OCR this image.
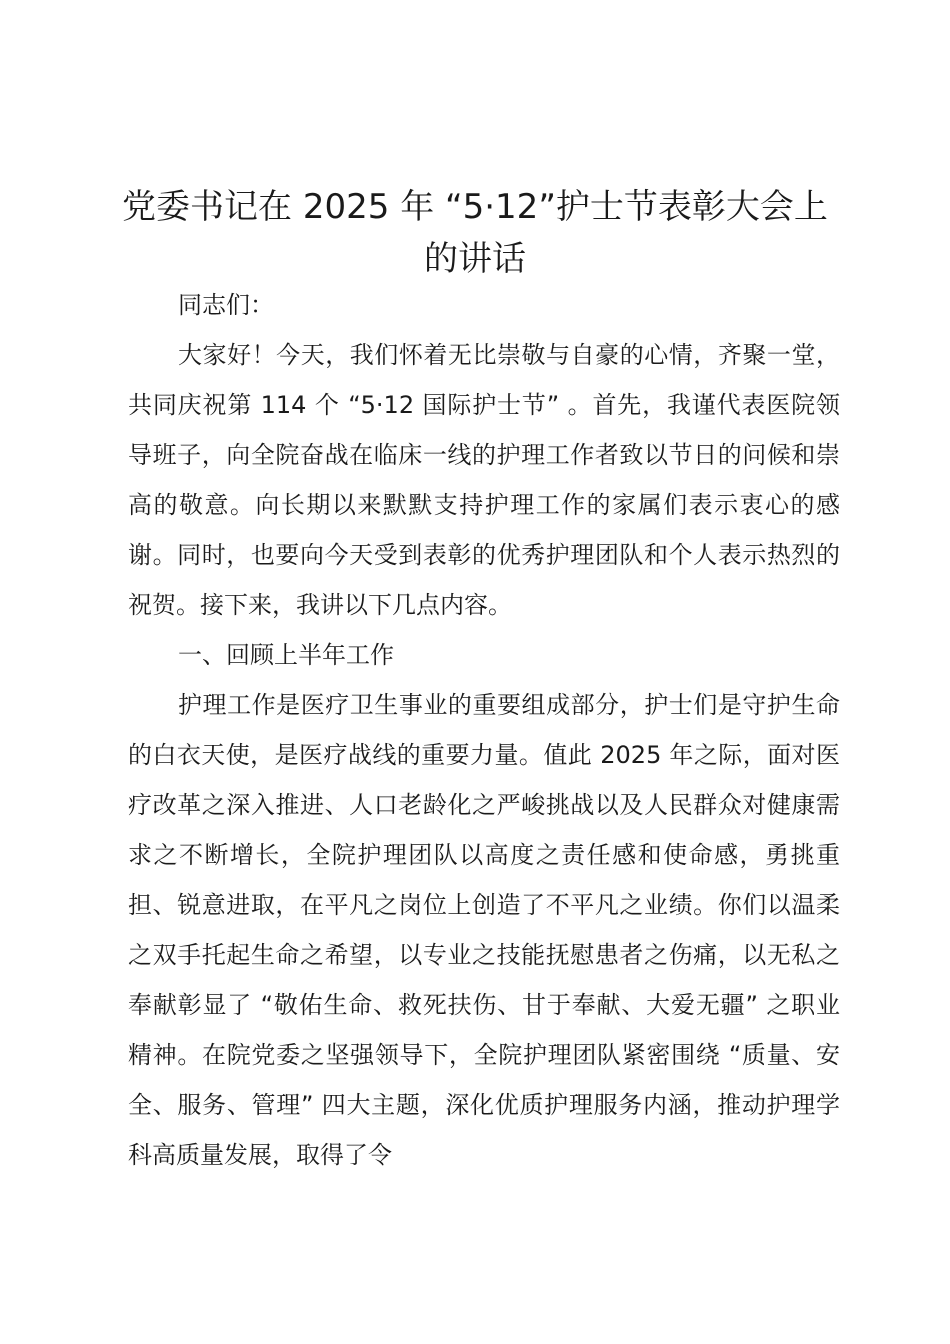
党委书记在 2025 年 “5·12”护士节表彰大会上的讲话

同志们：

大家好！今天，我们怀着无比崇敬与自豪的心情，齐聚一堂，共同庆祝第 114 个 “5·12 国际护士节” 。首先，我谨代表医院领导班子，向全院奋战在临床一线的护理工作者致以节日的问候和崇高的敬意。向长期以来默默支持护理工作的家属们表示衷心的感谢。同时，也要向今天受到表彰的优秀护理团队和个人表示热烈的祝贺。接下来，我讲以下几点内容。

一、回顾上半年工作

护理工作是医疗卫生事业的重要组成部分，护士们是守护生命的白衣天使，是医疗战线的重要力量。值此 2025 年之际，面对医疗改革之深入推进、人口老龄化之严峻挑战以及人民群众对健康需求之不断增长，全院护理团队以高度之责任感和使命感，勇挑重担、锐意进取，在平凡之岗位上创造了不平凡之业绩。你们以温柔之双手托起生命之希望，以专业之技能抚慰患者之伤痛，以无私之奉献彰显了 “敬佑生命、救死扶伤、甘于奉献、大爱无疆” 之职业精神。在院党委之坚强领导下，全院护理团队紧密围绕 “质量、安全、服务、管理” 四大主题，深化优质护理服务内涵，推动护理学科高质量发展，取得了令
